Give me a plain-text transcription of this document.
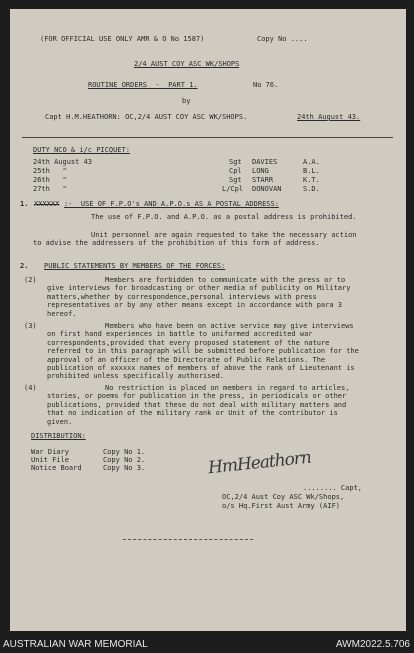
(FOR OFFICIAL USE ONLY AMR & O No 1587)	Copy No ....
2/4 AUST COY ASC WK/SHOPS
ROUTINE ORDERS  -  PART 1.	No 76.
by
Capt H.M.HEATHORN: OC,2/4 AUST COY ASC WK/SHOPS.	24th August 43.
DUTY NCO & i/c PICQUET:
24th August 43	Sgt DAVIES	A.A.
25th   "	Cpl LONG	B.L.
26th   "	Sgt STARR	K.T.
27th   "	L/Cpl DONOVAN	S.D.
1. XXXXXX :-  USE OF F.P.O's AND A.P.O.s AS A POSTAL ADDRESS:
The use of F.P.O. and A.P.O. as a postal address is prohibited.
Unit personnel are again requested to take the necessary action to advise the addressers of the prohibition of this form of address.
2. PUBLIC STATEMENTS BY MEMBERS OF THE FORCES:
(2)	Members are forbidden to communicate with the press or to give interviews for broadcasting or other media of publicity on Military matters,whether by correspondence,personal interviews with press representatives or by any other means except in accordance with para 3 hereof.
(3)	Members who have been on active service may give interviews on first hand experiences in battle to uniformed accredited war correspondents,provided that every proposed statement of the nature referred to in this paragraph will be submitted before publication for the approval of an officer of the Directorate of Public Relations. The publication of xxxxxx names of members of above the rank of Lieutenant is prohibited unless specifically authorised.
(4)	No restriction is placed on members in regard to articles, stories, or poems for publication in the press, in periodicals or other publications, provided that these do not deal with military matters and that no indication of the military rank or Unit of the contributor is given.
DISTRIBUTION:
War Diary	Copy No 1.
Unit File	Copy No 2.
Notice Board	Copy No 3.	HmHeathorn
........ Capt,
OC,2/4 Aust Coy ASC Wk/Shops,
o/s Hq.First Aust Army (AIF)
AUSTRALIAN WAR MEMORIAL	AWM2022.5.706
